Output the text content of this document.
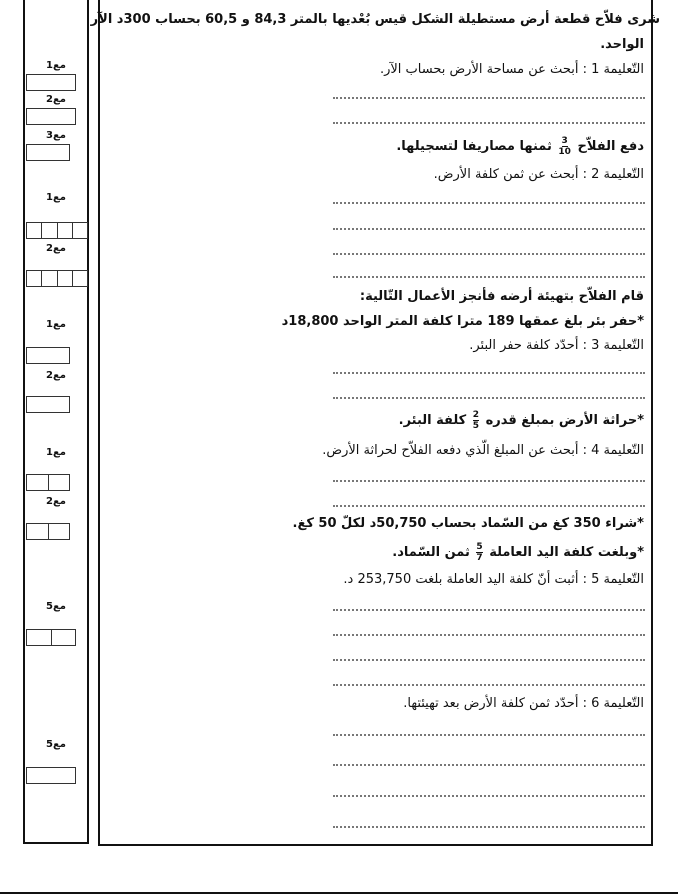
مع1
مع2
مع3
مع1
مع2
مع1
مع2
مع1
مع2
مع5
مع5
شرى فلاّح قطعة أرض مستطيلة الشكل قيس بُعْديها بالمتر 84,3 و 60,5 بحساب 300د الآر
الواحد.
التّعليمة 1 : أبحث عن مساحة الأرض بحساب الآر.
دفع الفلاّح
$\frac{3}{10}$
ثمنها مصاريفا لتسجيلها.
التّعليمة 2 : أبحث عن ثمن كلفة الأرض.
قام الفلاّح بتهيئة أرضه فأنجز الأعمال التّالية:
*حفر بئر بلغ عمقها 189 مترا كلفة المتر الواحد 18,800د
التّعليمة 3 : أحدّد كلفة حفر البئر.
*حراثة الأرض بمبلغ قدره
$\frac{2}{5}$
كلفة البئر.
التّعليمة 4 : أبحث عن المبلغ الّذي دفعه الفلاّح لحراثة الأرض.
*شراء 350 كغ من السّماد بحساب 50,750د لكلّ 50 كغ.
*وبلغت كلفة اليد العاملة
$\frac{5}{7}$
ثمن السّماد.
التّعليمة 5 : أثبت أنّ كلفة اليد العاملة بلغت 253,750 د.
التّعليمة 6 : أحدّد ثمن كلفة الأرض بعد تهيئتها.
